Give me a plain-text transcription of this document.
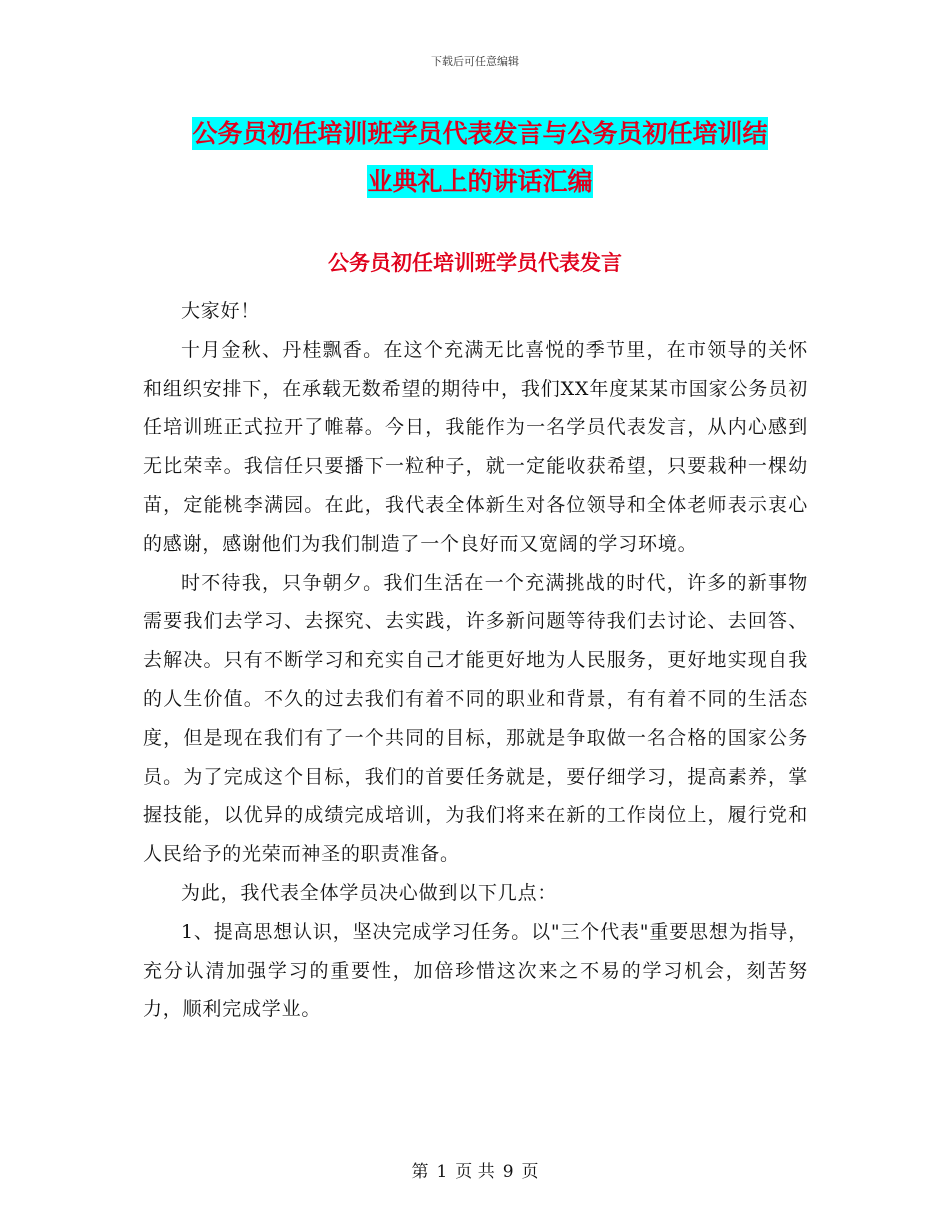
下载后可任意编辑
公务员初任培训班学员代表发言与公务员初任培训结
业典礼上的讲话汇编
公务员初任培训班学员代表发言

大家好！

十月金秋、丹桂飘香。在这个充满无比喜悦的季节里，在市领导的关怀和组织安排下，在承载无数希望的期待中，我们XX年度某某市国家公务员初任培训班正式拉开了帷幕。今日，我能作为一名学员代表发言，从内心感到无比荣幸。我信任只要播下一粒种子，就一定能收获希望，只要栽种一棵幼苗，定能桃李满园。在此，我代表全体新生对各位领导和全体老师表示衷心的感谢，感谢他们为我们制造了一个良好而又宽阔的学习环境。

时不待我，只争朝夕。我们生活在一个充满挑战的时代，许多的新事物需要我们去学习、去探究、去实践，许多新问题等待我们去讨论、去回答、去解决。只有不断学习和充实自己才能更好地为人民服务，更好地实现自我的人生价值。不久的过去我们有着不同的职业和背景，有有着不同的生活态度，但是现在我们有了一个共同的目标，那就是争取做一名合格的国家公务员。为了完成这个目标，我们的首要任务就是，要仔细学习，提高素养，掌握技能，以优异的成绩完成培训，为我们将来在新的工作岗位上，履行党和人民给予的光荣而神圣的职责准备。

为此，我代表全体学员决心做到以下几点：

1、提高思想认识，坚决完成学习任务。以"三个代表"重要思想为指导，充分认清加强学习的重要性，加倍珍惜这次来之不易的学习机会，刻苦努力，顺利完成学业。

第 1 页 共 9 页
